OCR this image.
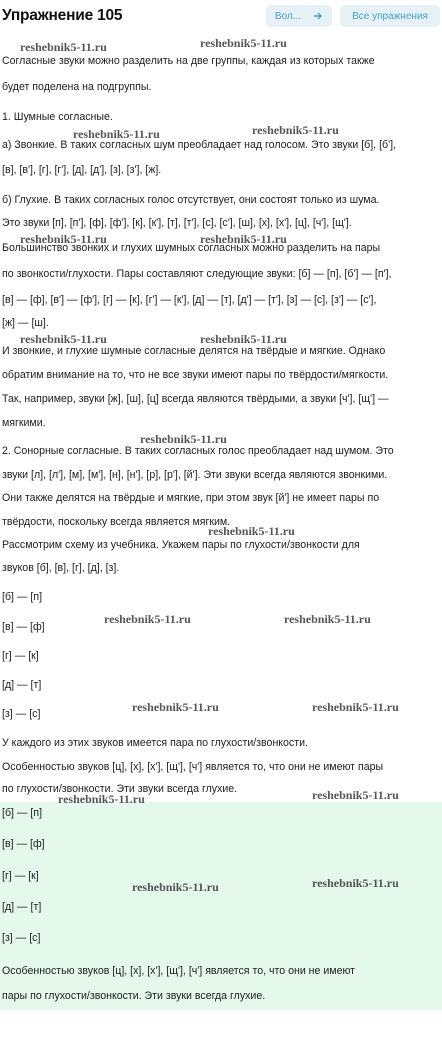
Упражнение 105	Вол...	Все упражнения
Согласные звуки можно разделить на две группы, каждая из которых также
будет поделена на подгруппы.
1. Шумные согласные.
а) Звонкие. В таких согласных шум преобладает над голосом. Это звуки [б], [б'],
[в], [в'], [г], [г'], [д], [д'], [з], [з'], [ж].
б) Глухие. В таких согласных голос отсутствует, они состоят только из шума.
Это звуки [п], [п'], [ф], [ф'], [к], [к'], [т], [т'], [с], [с'], [ш], [х], [х'], [ц], [ч'], [щ'].
Большинство звонких и глухих шумных согласных можно разделить на пары
по звонкости/глухости. Пары составляют следующие звуки: [б] — [п], [б'] — [п'],
[в] — [ф], [в'] — [ф'], [г] — [к], [г'] — [к'], [д] — [т], [д'] — [т'], [з] — [с], [з'] — [с'],
[ж] — [ш].
И звонкие, и глухие шумные согласные делятся на твёрдые и мягкие. Однако
обратим внимание на то, что не все звуки имеют пары по твёрдости/мягкости.
Так, например, звуки [ж], [ш], [ц] всегда являются твёрдыми, а звуки [ч'], [щ'] —
мягкими.
2. Сонорные согласные. В таких согласных голос преобладает над шумом. Это
звуки [л], [л'], [м], [м'], [н], [н'], [р], [р'], [й']. Эти звуки всегда являются звонкими.
Они также делятся на твёрдые и мягкие, при этом звук [й'] не имеет пары по
твёрдости, поскольку всегда является мягким.
Рассмотрим схему из учебника. Укажем пары по глухости/звонкости для
звуков [б], [в], [г], [д], [з].
[б] — [п]
[в] — [ф]
[г] — [к]
[д] — [т]
[з] — [с]
У каждого из этих звуков имеется пара по глухости/звонкости.
Особенностью звуков [ц], [х], [х'], [щ'], [ч'] является то, что они не имеют пары
по глухости/звонкости. Эти звуки всегда глухие.
[б] — [п]
[в] — [ф]
[г] — [к]
[д] — [т]
[з] — [с]
Особенностью звуков [ц], [х], [х'], [щ'], [ч'] является то, что они не имеют
пары по глухости/звонкости. Эти звуки всегда глухие.
reshebnik5-11.ru	reshebnik5-11.ru
reshebnik5-11.ru	reshebnik5-11.ru
reshebnik5-11.ru	reshebnik5-11.ru
reshebnik5-11.ru	reshebnik5-11.ru
reshebnik5-11.ru
reshebnik5-11.ru
reshebnik5-11.ru	reshebnik5-11.ru
reshebnik5-11.ru	reshebnik5-11.ru
reshebnik5-11.ru	reshebnik5-11.ru
reshebnik5-11.ru	reshebnik5-11.ru
